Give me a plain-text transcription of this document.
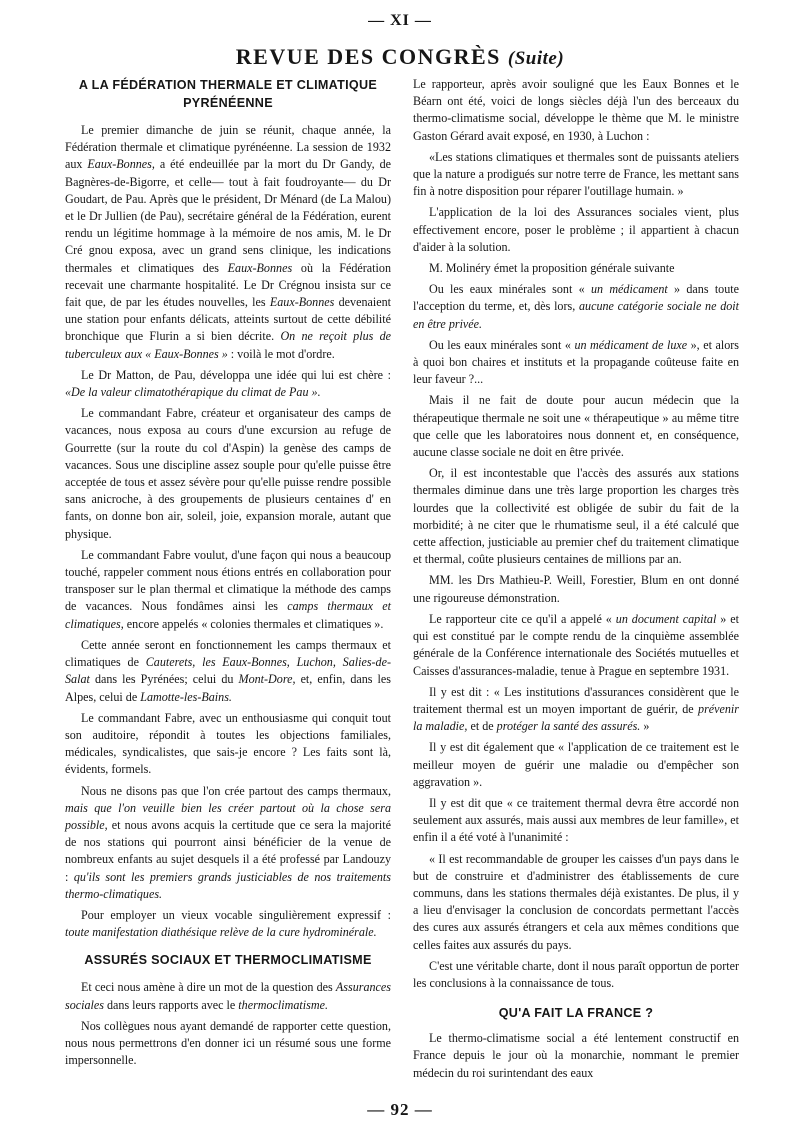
— XI —
REVUE DES CONGRÈS (Suite)
A LA FÉDÉRATION THERMALE ET CLIMATIQUE PYRÉNÉENNE

Le premier dimanche de juin se réunit, chaque année, la Fédération thermale et climatique pyrénéenne. La session de 1932 aux Eaux-Bonnes, a été endeuillée par la mort du Dr Gandy, de Bagnères-de-Bigorre, et celle— tout à fait foudroyante— du Dr Goudart, de Pau. Après que le président, Dr Ménard (de La Malou) et le Dr Jullien (de Pau), secrétaire général de la Fédération, eurent rendu un légitime hommage à la mémoire de nos amis, M. le Dr Cré gnou exposa, avec un grand sens clinique, les indications thermales et climatiques des Eaux-Bonnes où la Fédération recevait une charmante hospitalité. Le Dr Crégnou insista sur ce fait que, de par les études nouvelles, les Eaux-Bonnes devenaient une station pour enfants délicats, atteints surtout de cette débilité bronchique que Flurin a si bien décrite. On ne reçoit plus de tuberculeux aux « Eaux-Bonnes » : voilà le mot d'ordre.

Le Dr Matton, de Pau, développa une idée qui lui est chère : «De la valeur climatothérapique du climat de Pau ».

Le commandant Fabre, créateur et organisateur des camps de vacances, nous exposa au cours d'une excursion au refuge de Gourrette (sur la route du col d'Aspin) la genèse des camps de vacances. Sous une discipline assez souple pour qu'elle puisse être acceptée de tous et assez sévère pour qu'elle puisse rendre possible sans anicroche, à des groupements de plusieurs centaines d' en fants, on donne bon air, soleil, joie, expansion morale, autant que physique.

Le commandant Fabre voulut, d'une façon qui nous a beaucoup touché, rappeler comment nous étions entrés en collaboration pour transposer sur le plan thermal et climatique la méthode des camps de vacances. Nous fondâmes ainsi les camps thermaux et climatiques, encore appelés « colonies thermales et climatiques ».

Cette année seront en fonctionnement les camps thermaux et climatiques de Cauterets, les Eaux-Bonnes, Luchon, Salies-de-Salat dans les Pyrénées; celui du Mont-Dore, et, enfin, dans les Alpes, celui de Lamotte-les-Bains.

Le commandant Fabre, avec un enthousiasme qui conquit tout son auditoire, répondit à toutes les objections familiales, médicales, syndicalistes, que sais-je encore ? Les faits sont là, évidents, formels.

Nous ne disons pas que l'on crée partout des camps thermaux, mais que l'on veuille bien les créer partout où la chose sera possible, et nous avons acquis la certitude que ce sera la majorité de nos stations qui pourront ainsi bénéficier de la venue de nombreux enfants au sujet desquels il a été professé par Landouzy : qu'ils sont les premiers grands justiciables de nos traitements thermo-climatiques.

Pour employer un vieux vocable singulièrement expressif : toute manifestation diathésique relève de la cure hydrominérale.

ASSURÉS SOCIAUX ET THERMOCLIMATISME

Et ceci nous amène à dire un mot de la question des Assurances sociales dans leurs rapports avec le thermoclimatisme.

Nos collègues nous ayant demandé de rapporter cette question, nous nous permettrons d'en donner ici un résumé sous une forme impersonnelle.

Le rapporteur, après avoir souligné que les Eaux Bonnes et le Béarn ont été, voici de longs siècles déjà l'un des berceaux du thermo-climatisme social, développe le thème que M. le ministre Gaston Gérard avait exposé, en 1930, à Luchon :

«Les stations climatiques et thermales sont de puissants ateliers que la nature a prodigués sur notre terre de France, les mettant sans fin à notre disposition pour réparer l'outillage humain. »

L'application de la loi des Assurances sociales vient, plus effectivement encore, poser le problème ; il appartient à chacun d'aider à la solution.

M. Molinéry émet la proposition générale suivante

Ou les eaux minérales sont « un médicament » dans toute l'acception du terme, et, dès lors, aucune catégorie sociale ne doit en être privée.

Ou les eaux minérales sont « un médicament de luxe », et alors à quoi bon chaires et instituts et la propagande coûteuse faite en leur faveur ?...

Mais il ne fait de doute pour aucun médecin que la thérapeutique thermale ne soit une « thérapeutique » au même titre que celle que les laboratoires nous donnent et, en conséquence, aucune classe sociale ne doit en être privée.

Or, il est incontestable que l'accès des assurés aux stations thermales diminue dans une très large proportion les charges très lourdes que la collectivité est obligée de subir du fait de la morbidité; à ne citer que le rhumatisme seul, il a été calculé que cette affection, justiciable au premier chef du traitement climatique et thermal, coûte plusieurs centaines de millions par an.

MM. les Drs Mathieu-P. Weill, Forestier, Blum en ont donné une rigoureuse démonstration.

Le rapporteur cite ce qu'il a appelé « un document capital » et qui est constitué par le compte rendu de la cinquième assemblée générale de la Conférence internationale des Sociétés mutuelles et Caisses d'assurances-maladie, tenue à Prague en septembre 1931.

Il y est dit : « Les institutions d'assurances considèrent que le traitement thermal est un moyen important de guérir, de prévenir la maladie, et de protéger la santé des assurés. »

Il y est dit également que « l'application de ce traitement est le meilleur moyen de guérir une maladie ou d'empêcher son aggravation ».

Il y est dit que « ce traitement thermal devra être accordé non seulement aux assurés, mais aussi aux membres de leur famille», et enfin il a été voté à l'unanimité :

« Il est recommandable de grouper les caisses d'un pays dans le but de construire et d'administrer des établissements de cure communs, dans les stations thermales déjà existantes. De plus, il y a lieu d'envisager la conclusion de concordats permettant l'accès des cures aux assurés étrangers et cela aux mêmes conditions que celles faites aux assurés du pays.

C'est une véritable charte, dont il nous paraît opportun de porter les conclusions à la connaissance de tous.

QU'A FAIT LA FRANCE ?

Le thermo-climatisme social a été lentement constructif en France depuis le jour où la monarchie, nommant le premier médecin du roi surintendant des eaux

— 92 —
